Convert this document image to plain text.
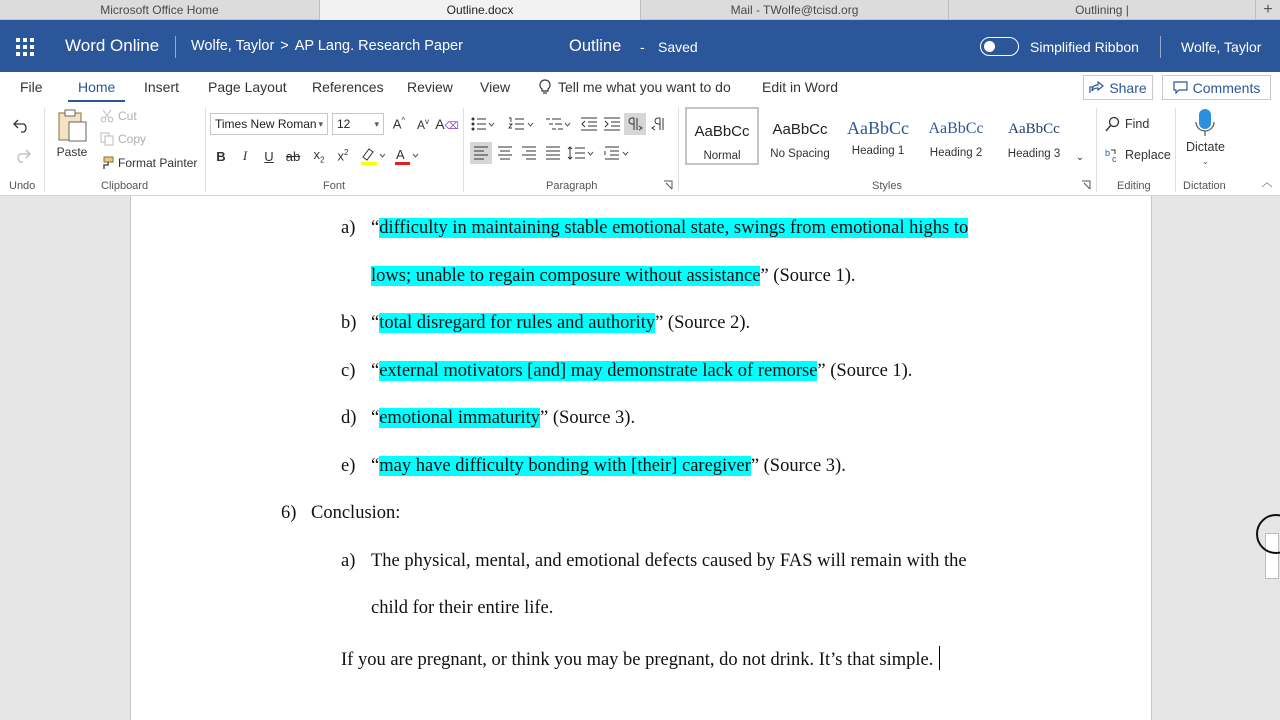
Microsoft Office Home	Outline.docx	Mail - TWolfe@tcisd.org	Outlining |	+
Word Online Wolfe, Taylor > AP Lang. Research Paper	Outline - Saved	Simplified Ribbon	Wolfe, Taylor
File	Home Insert Page Layout References Review View	Tell me what you want to do Edit in Word	Share	Comments
Undo
Paste
Cut
Copy
Format Painter
Clipboard
Times New Roman ▾ 12	▾ A^ $A^v$ A⌫
B I U ab $x_2$ $x^2$	A
Font	Paragraph
AaBbCc
Normal
AaBbCc
No Spacing
AaBbCc
Heading 1
AaBbCc
Heading 2
AaBbCc
Heading 3 ⌄
Styles
Find
b
c Replace
Editing
Dictate
⌄
Dictation	︿
a) “difficulty in maintaining stable emotional state, swings from emotional highs to
lows; unable to regain composure without assistance” (Source 1).
b) “total disregard for rules and authority” (Source 2).
c) “external motivators [and] may demonstrate lack of remorse” (Source 1).
d) “emotional immaturity” (Source 3).
e) “may have difficulty bonding with [their] caregiver” (Source 3).
6) Conclusion:
a) The physical, mental, and emotional defects caused by FAS will remain with the
child for their entire life.
If you are pregnant, or think you may be pregnant, do not drink. It’s that simple.
